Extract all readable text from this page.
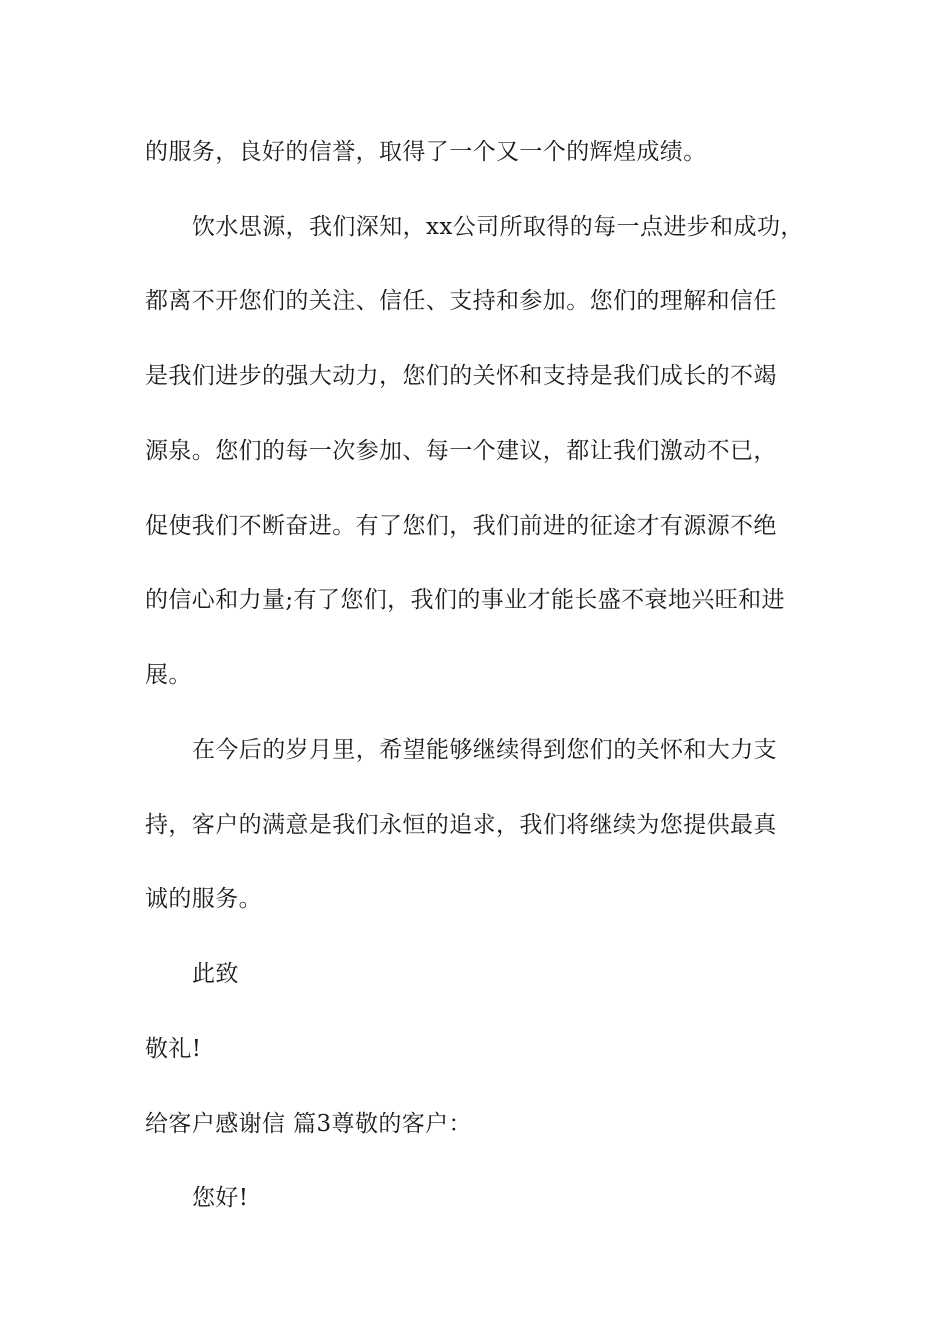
的服务，良好的信誉，取得了一个又一个的辉煌成绩。
饮水思源，我们深知，xx公司所取得的每一点进步和成功，
都离不开您们的关注、信任、支持和参加。您们的理解和信任
是我们进步的强大动力，您们的关怀和支持是我们成长的不竭
源泉。您们的每一次参加、每一个建议，都让我们激动不已，
促使我们不断奋进。有了您们，我们前进的征途才有源源不绝
的信心和力量;有了您们，我们的事业才能长盛不衰地兴旺和进
展。
在今后的岁月里，希望能够继续得到您们的关怀和大力支
持，客户的满意是我们永恒的追求，我们将继续为您提供最真
诚的服务。
此致
敬礼!
给客户感谢信 篇3尊敬的客户：
您好!
